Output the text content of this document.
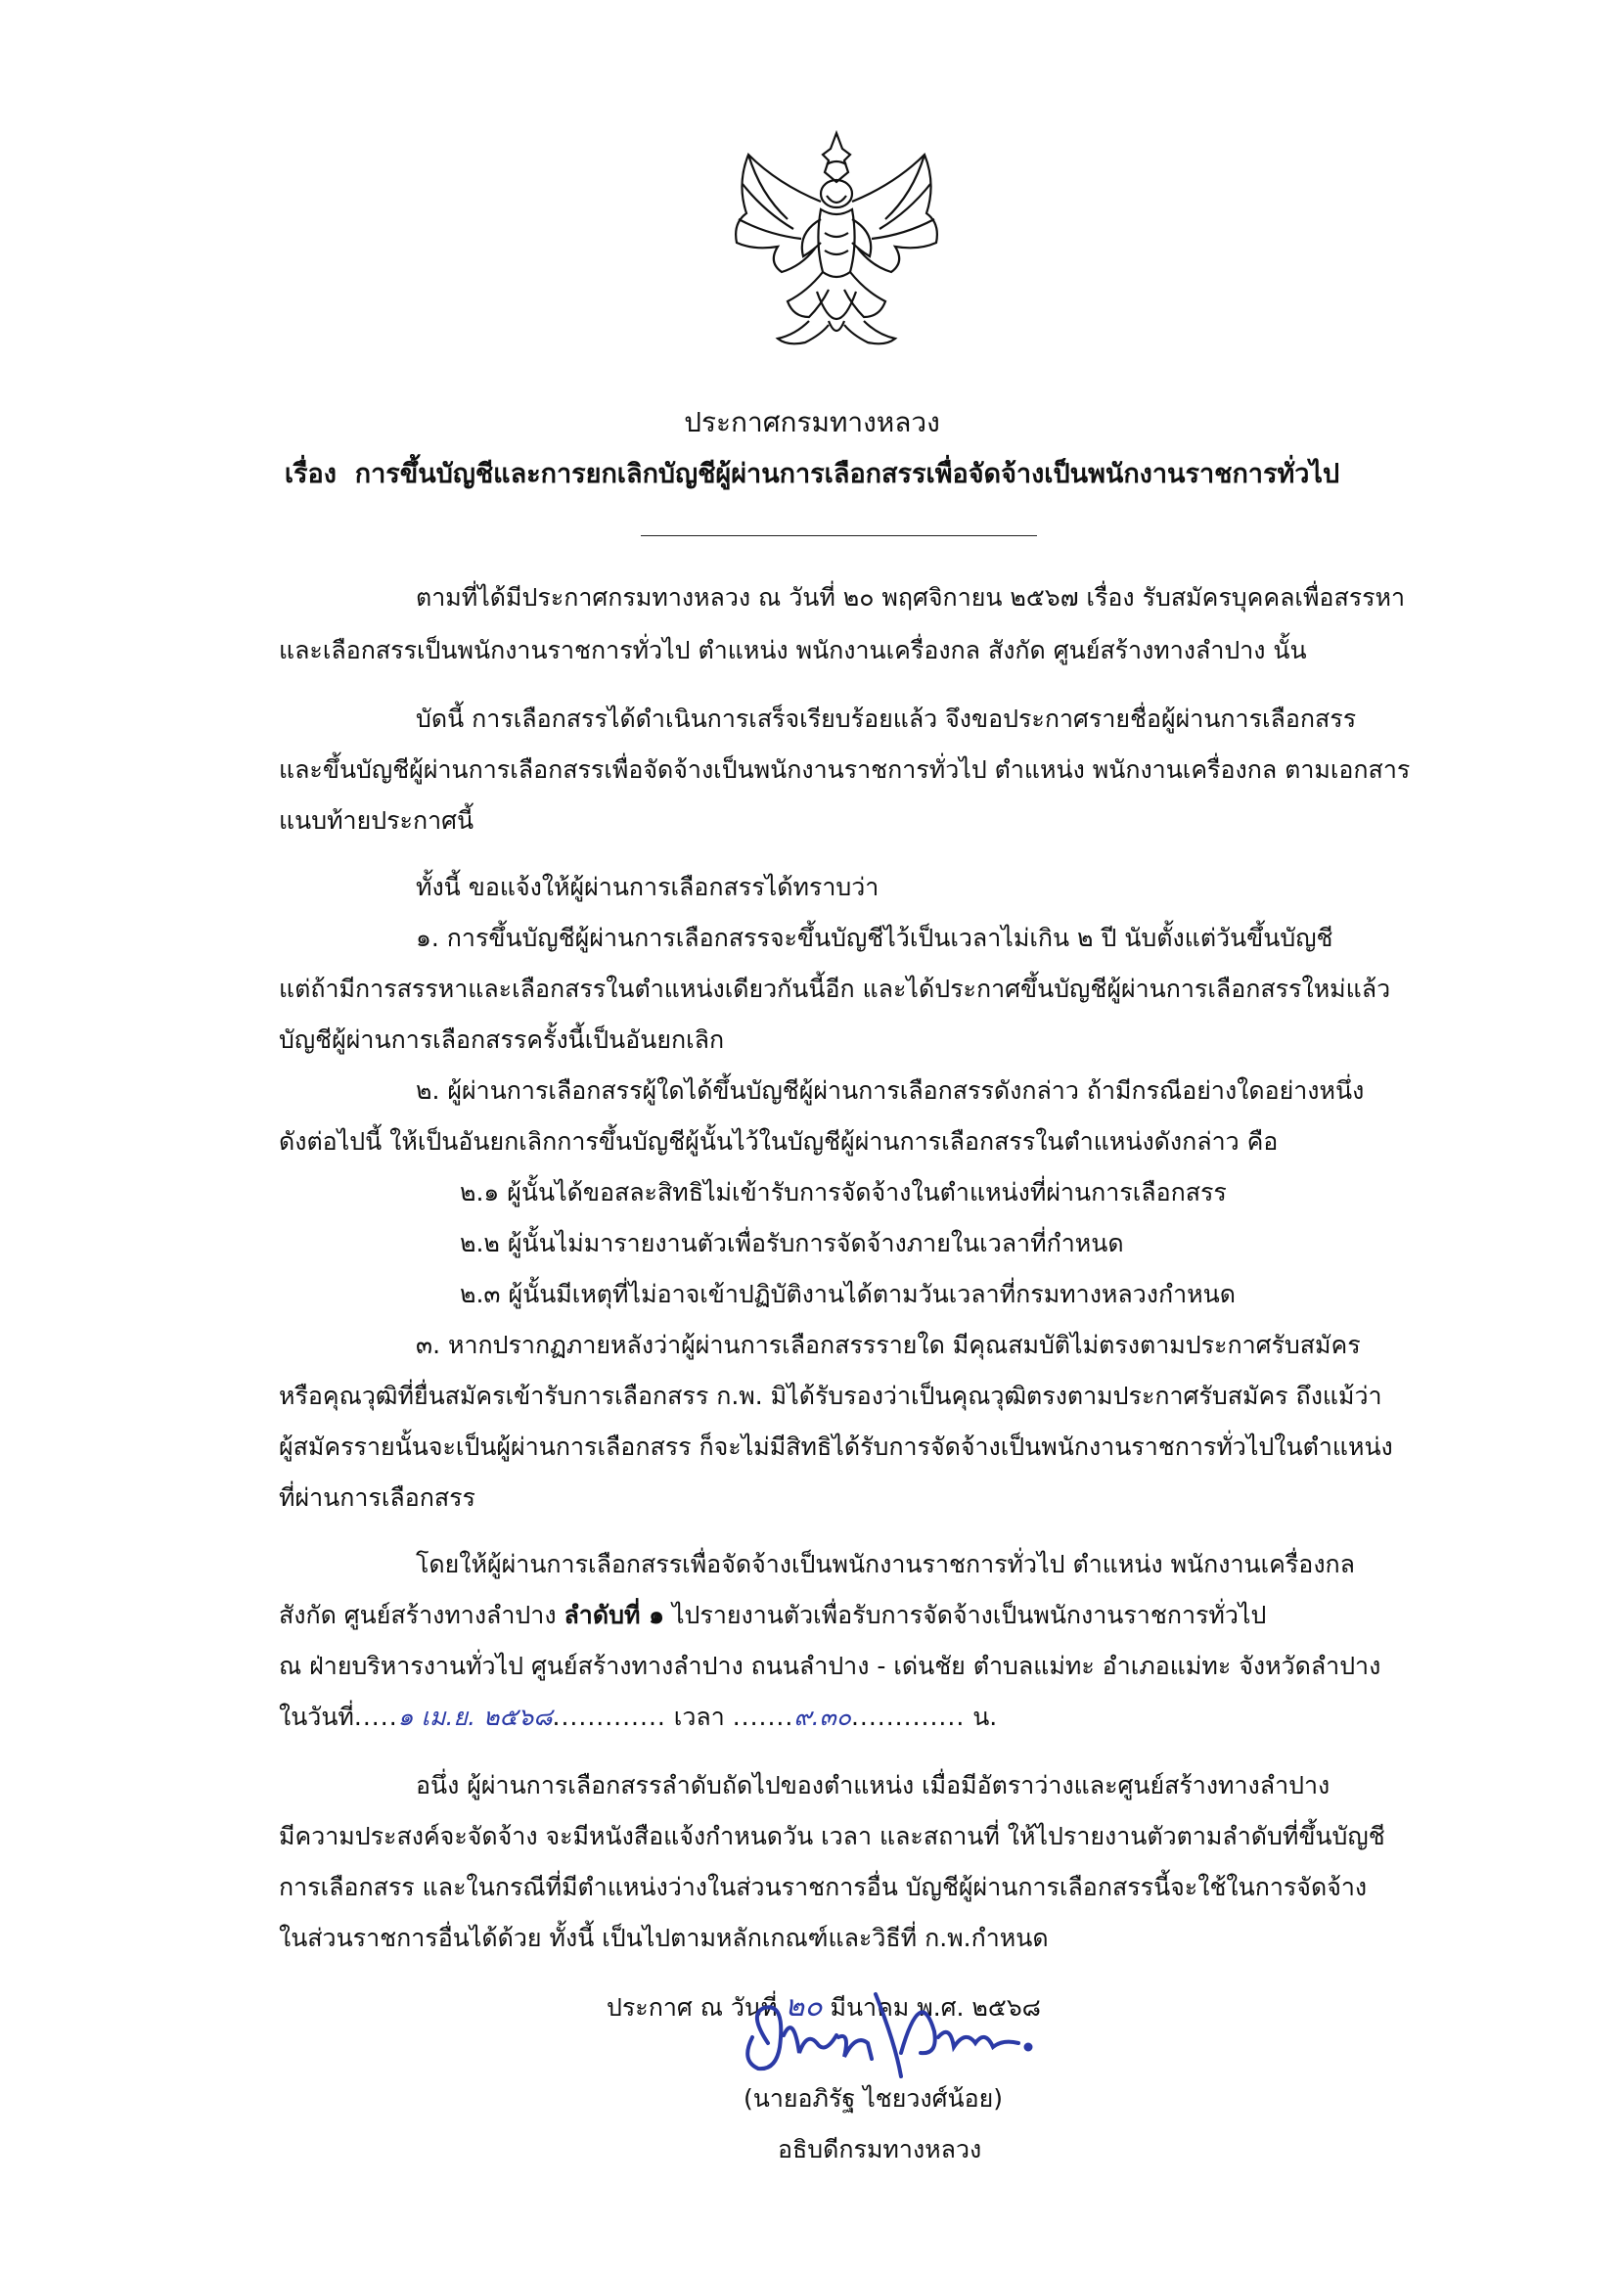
ประกาศกรมทางหลวง
เรื่อง การขึ้นบัญชีและการยกเลิกบัญชีผู้ผ่านการเลือกสรรเพื่อจัดจ้างเป็นพนักงานราชการทั่วไป
ตามที่ได้มีประกาศกรมทางหลวง ณ วันที่ ๒๐ พฤศจิกายน ๒๕๖๗ เรื่อง รับสมัครบุคคลเพื่อสรรหา
และเลือกสรรเป็นพนักงานราชการทั่วไป ตำแหน่ง พนักงานเครื่องกล สังกัด ศูนย์สร้างทางลำปาง นั้น
บัดนี้ การเลือกสรรได้ดำเนินการเสร็จเรียบร้อยแล้ว จึงขอประกาศรายชื่อผู้ผ่านการเลือกสรร
และขึ้นบัญชีผู้ผ่านการเลือกสรรเพื่อจัดจ้างเป็นพนักงานราชการทั่วไป ตำแหน่ง พนักงานเครื่องกล ตามเอกสาร
แนบท้ายประกาศนี้
ทั้งนี้ ขอแจ้งให้ผู้ผ่านการเลือกสรรได้ทราบว่า
๑. การขึ้นบัญชีผู้ผ่านการเลือกสรรจะขึ้นบัญชีไว้เป็นเวลาไม่เกิน ๒ ปี นับตั้งแต่วันขึ้นบัญชี
แต่ถ้ามีการสรรหาและเลือกสรรในตำแหน่งเดียวกันนี้อีก และได้ประกาศขึ้นบัญชีผู้ผ่านการเลือกสรรใหม่แล้ว
บัญชีผู้ผ่านการเลือกสรรครั้งนี้เป็นอันยกเลิก
๒. ผู้ผ่านการเลือกสรรผู้ใดได้ขึ้นบัญชีผู้ผ่านการเลือกสรรดังกล่าว ถ้ามีกรณีอย่างใดอย่างหนึ่ง
ดังต่อไปนี้ ให้เป็นอันยกเลิกการขึ้นบัญชีผู้นั้นไว้ในบัญชีผู้ผ่านการเลือกสรรในตำแหน่งดังกล่าว คือ
๒.๑ ผู้นั้นได้ขอสละสิทธิไม่เข้ารับการจัดจ้างในตำแหน่งที่ผ่านการเลือกสรร
๒.๒ ผู้นั้นไม่มารายงานตัวเพื่อรับการจัดจ้างภายในเวลาที่กำหนด
๒.๓ ผู้นั้นมีเหตุที่ไม่อาจเข้าปฏิบัติงานได้ตามวันเวลาที่กรมทางหลวงกำหนด
๓. หากปรากฏภายหลังว่าผู้ผ่านการเลือกสรรรายใด มีคุณสมบัติไม่ตรงตามประกาศรับสมัคร
หรือคุณวุฒิที่ยื่นสมัครเข้ารับการเลือกสรร ก.พ. มิได้รับรองว่าเป็นคุณวุฒิตรงตามประกาศรับสมัคร ถึงแม้ว่า
ผู้สมัครรายนั้นจะเป็นผู้ผ่านการเลือกสรร ก็จะไม่มีสิทธิได้รับการจัดจ้างเป็นพนักงานราชการทั่วไปในตำแหน่ง
ที่ผ่านการเลือกสรร
โดยให้ผู้ผ่านการเลือกสรรเพื่อจัดจ้างเป็นพนักงานราชการทั่วไป ตำแหน่ง พนักงานเครื่องกล
สังกัด ศูนย์สร้างทางลำปาง ลำดับที่ ๑ ไปรายงานตัวเพื่อรับการจัดจ้างเป็นพนักงานราชการทั่วไป
ณ ฝ่ายบริหารงานทั่วไป ศูนย์สร้างทางลำปาง ถนนลำปาง - เด่นชัย ตำบลแม่ทะ อำเภอแม่ทะ จังหวัดลำปาง
ในวันที่.....๑ เม.ย. ๒๕๖๘............. เวลา .......๙.๓๐............. น.
อนึ่ง ผู้ผ่านการเลือกสรรลำดับถัดไปของตำแหน่ง เมื่อมีอัตราว่างและศูนย์สร้างทางลำปาง
มีความประสงค์จะจัดจ้าง จะมีหนังสือแจ้งกำหนดวัน เวลา และสถานที่ ให้ไปรายงานตัวตามลำดับที่ขึ้นบัญชี
การเลือกสรร และในกรณีที่มีตำแหน่งว่างในส่วนราชการอื่น บัญชีผู้ผ่านการเลือกสรรนี้จะใช้ในการจัดจ้าง
ในส่วนราชการอื่นได้ด้วย ทั้งนี้ เป็นไปตามหลักเกณฑ์และวิธีที่ ก.พ.กำหนด
ประกาศ ณ วันที่ ๒๐ มีนาคม พ.ศ. ๒๕๖๘
(นายอภิรัฐ ไชยวงศ์น้อย)
อธิบดีกรมทางหลวง
